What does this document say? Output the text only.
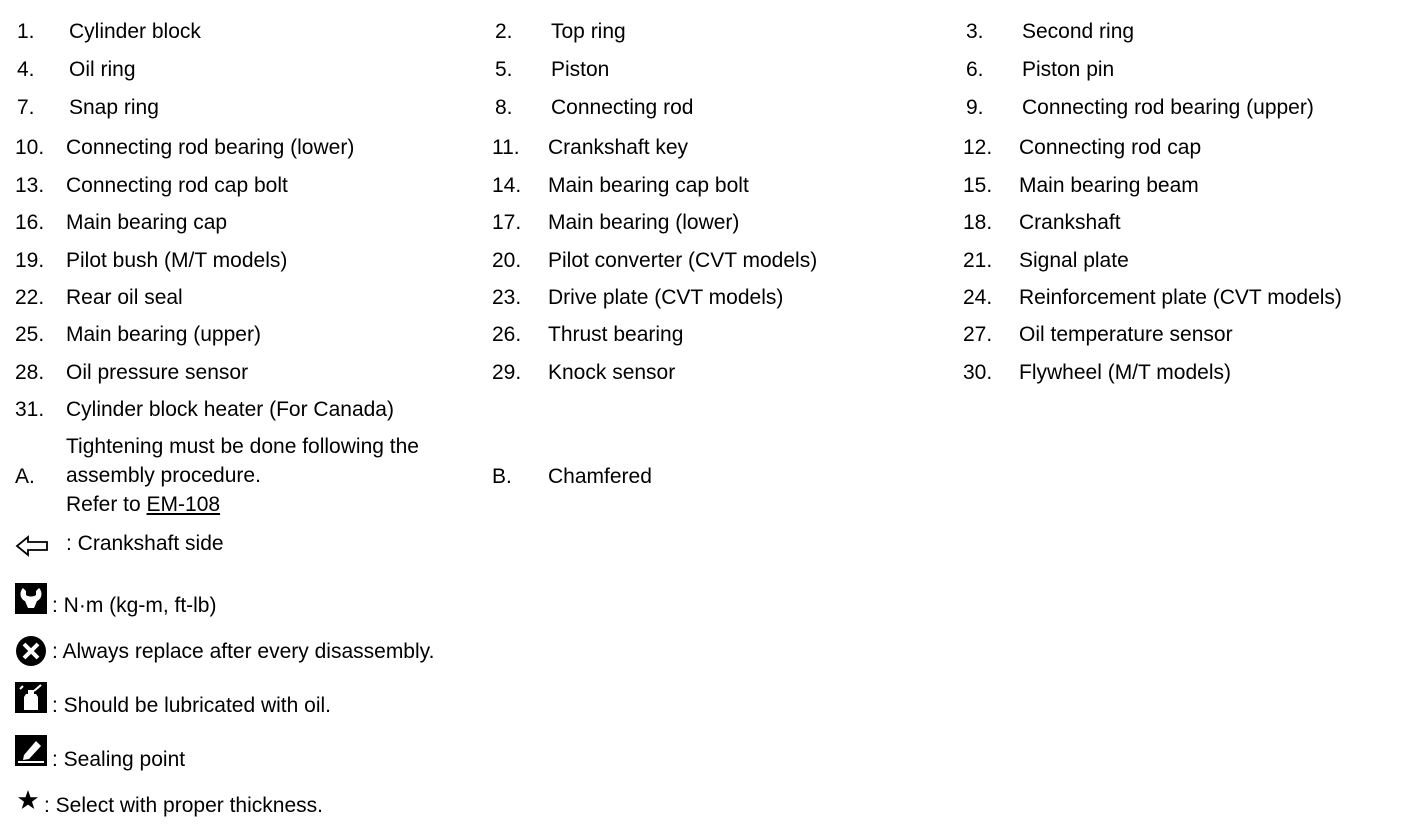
1. Cylinder block	2. Top ring	3. Second ring
4. Oil ring	5. Piston	6. Piston pin
7. Snap ring	8. Connecting rod	9. Connecting rod bearing (upper)
10. Connecting rod bearing (lower)	11. Crankshaft key	12. Connecting rod cap
13. Connecting rod cap bolt	14. Main bearing cap bolt	15. Main bearing beam
16. Main bearing cap	17. Main bearing (lower)	18. Crankshaft
19. Pilot bush (M/T models)	20. Pilot converter (CVT models)	21. Signal plate
22. Rear oil seal	23. Drive plate (CVT models)	24. Reinforcement plate (CVT models)
25. Main bearing (upper)	26. Thrust bearing	27. Oil temperature sensor
28. Oil pressure sensor	29. Knock sensor	30. Flywheel (M/T models)
31. Cylinder block heater (For Canada)
A.
Tightening must be done following the
assembly procedure.
Refer to EM-108
B. Chamfered
: Crankshaft side
: N·m (kg-m, ft-lb)
: Always replace after every disassembly.
: Should be lubricated with oil.
: Sealing point
: Select with proper thickness.
